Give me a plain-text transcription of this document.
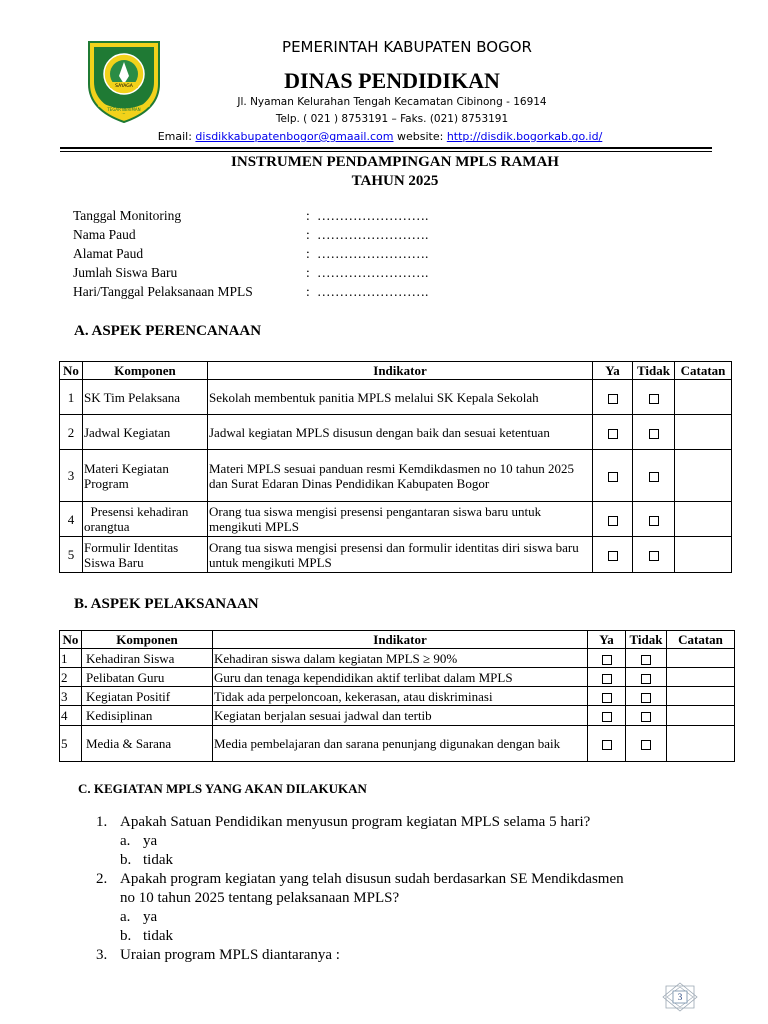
SAYAGA
TEGAR BERIMAN
PEMERINTAH KABUPATEN BOGOR
DINAS PENDIDIKAN
Jl. Nyaman Kelurahan Tengah Kecamatan Cibinong - 16914
Telp. ( 021 ) 8753191 – Faks. (021) 8753191
Email: disdikkabupatenbogor@gmaail.com website: http://disdik.bogorkab.go.id/
INSTRUMEN PENDAMPINGAN MPLS RAMAH
TAHUN 2025
Tanggal Monitoring	: …………………….
Nama Paud	: …………………….
Alamat Paud	: …………………….
Jumlah Siswa Baru	: …………………….
Hari/Tanggal Pelaksanaan MPLS	: …………………….
A. ASPEK PERENCANAAN
No	Komponen	Indikator	Ya	Tidak	Catatan
1	SK Tim Pelaksana	Sekolah membentuk panitia MPLS melalui SK Kepala Sekolah			
2	Jadwal Kegiatan	Jadwal kegiatan MPLS disusun dengan baik dan sesuai ketentuan			
3	Materi Kegiatan Program	Materi MPLS sesuai panduan resmi Kemdikdasmen no 10 tahun 2025 dan Surat Edaran Dinas Pendidikan Kabupaten Bogor			
4	Presensi kehadiran orangtua	Orang tua siswa mengisi presensi pengantaran siswa baru untuk mengikuti MPLS			
5	Formulir Identitas Siswa Baru	Orang tua siswa mengisi presensi dan formulir identitas diri siswa baru untuk mengikuti MPLS			
B. ASPEK PELAKSANAAN
No	Komponen	Indikator	Ya	Tidak	Catatan
1	Kehadiran Siswa	Kehadiran siswa dalam kegiatan MPLS ≥ 90%			
2	Pelibatan Guru	Guru dan tenaga kependidikan aktif terlibat dalam MPLS			
3	Kegiatan Positif	Tidak ada perpeloncoan, kekerasan, atau diskriminasi			
4	Kedisiplinan	Kegiatan berjalan sesuai jadwal dan tertib			
5	Media & Sarana	Media pembelajaran dan sarana penunjang digunakan dengan baik			
C. KEGIATAN MPLS YANG AKAN DILAKUKAN
1. Apakah Satuan Pendidikan menyusun program kegiatan MPLS selama 5 hari?
a. ya
b. tidak
2. Apakah program kegiatan yang telah disusun sudah berdasarkan SE Mendikdasmen
no 10 tahun 2025 tentang pelaksanaan MPLS?
a. ya
b. tidak
3. Uraian program MPLS diantaranya :
3
